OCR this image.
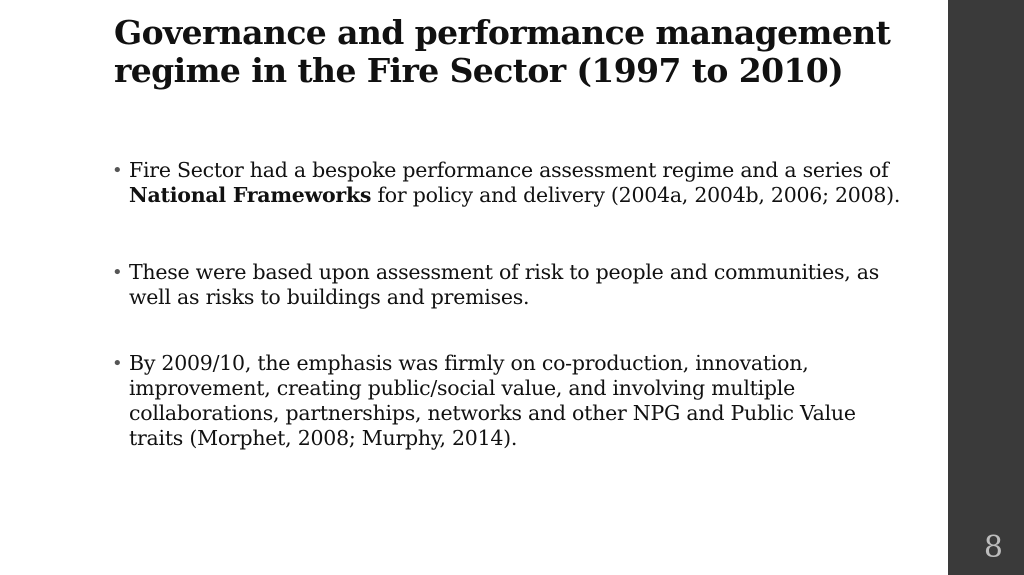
Governance and performance management regime in the Fire Sector (1997 to 2010)
• Fire Sector had a bespoke performance assessment regime and a series of National Frameworks for policy and delivery (2004a, 2004b, 2006; 2008).
• These were based upon assessment of risk to people and communities, as well as risks to buildings and premises.
• By 2009/10, the emphasis was firmly on co-production, innovation, improvement, creating public/social value, and involving multiple collaborations, partnerships, networks and other NPG and Public Value traits (Morphet, 2008; Murphy, 2014).
8
